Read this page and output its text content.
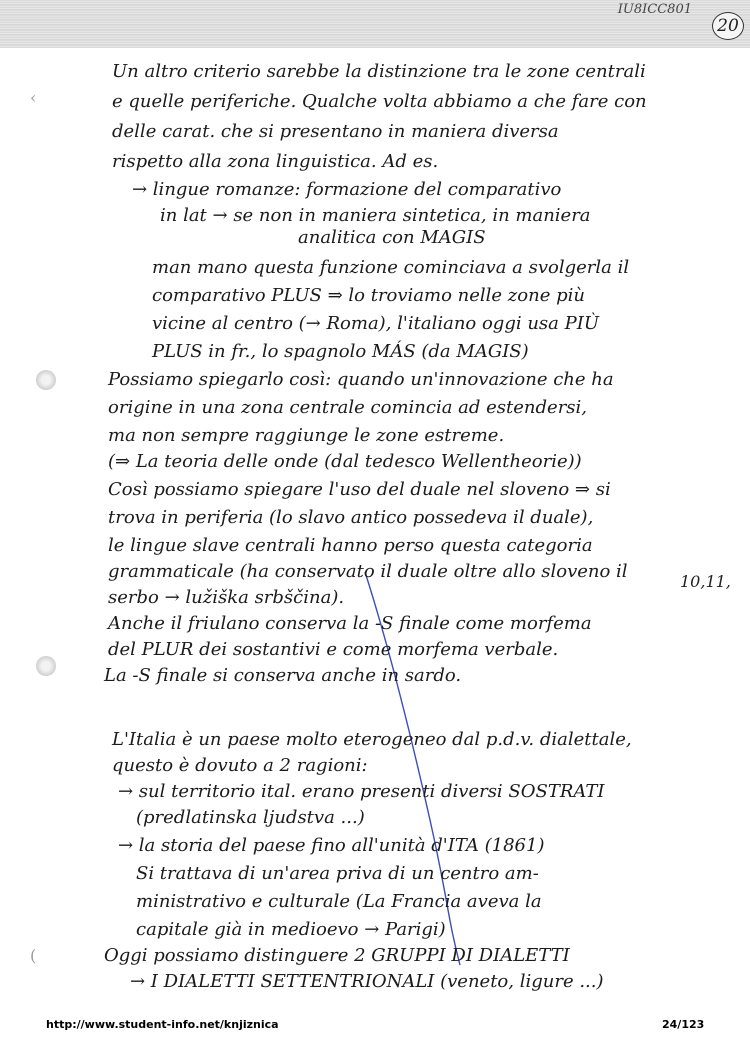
IU8ICC801
20
‹
(
Un altro criterio sarebbe la distinzione tra le zone centrali
e quelle periferiche. Qualche volta abbiamo a che fare con
delle carat. che si presentano in maniera diversa
rispetto alla zona linguistica. Ad es.
→ lingue romanze: formazione del comparativo
in lat → se non in maniera sintetica, in maniera
analitica con MAGIS
man mano questa funzione cominciava a svolgerla il
comparativo PLUS ⇒ lo troviamo nelle zone più
vicine al centro (→ Roma), l'italiano oggi usa PIÙ
PLUS in fr., lo spagnolo MÁS (da MAGIS)
Possiamo spiegarlo così: quando un'innovazione che ha
origine in una zona centrale comincia ad estendersi,
ma non sempre raggiunge le zone estreme.
(⇒ La teoria delle onde (dal tedesco Wellentheorie))
Così possiamo spiegare l'uso del duale nel sloveno ⇒ si
trova in periferia (lo slavo antico possedeva il duale),
le lingue slave centrali hanno perso questa categoria
grammaticale (ha conservato il duale oltre allo sloveno il
serbo → lužiška srbščina).
Anche il friulano conserva la -S finale come morfema
del PLUR dei sostantivi e come morfema verbale.
La -S finale si conserva anche in sardo.
10,11,
L'Italia è un paese molto eterogeneo dal p.d.v. dialettale,
questo è dovuto a 2 ragioni:
→ sul territorio ital. erano presenti diversi SOSTRATI
(predlatinska ljudstva ...)
→ la storia del paese fino all'unità d'ITA (1861)
Si trattava di un'area priva di un centro am-
ministrativo e culturale (La Francia aveva la
capitale già in medioevo → Parigi)
Oggi possiamo distinguere 2 GRUPPI DI DIALETTI
→ I DIALETTI SETTENTRIONALI (veneto, ligure ...)
http://www.student-info.net/knjiznica	24/123
